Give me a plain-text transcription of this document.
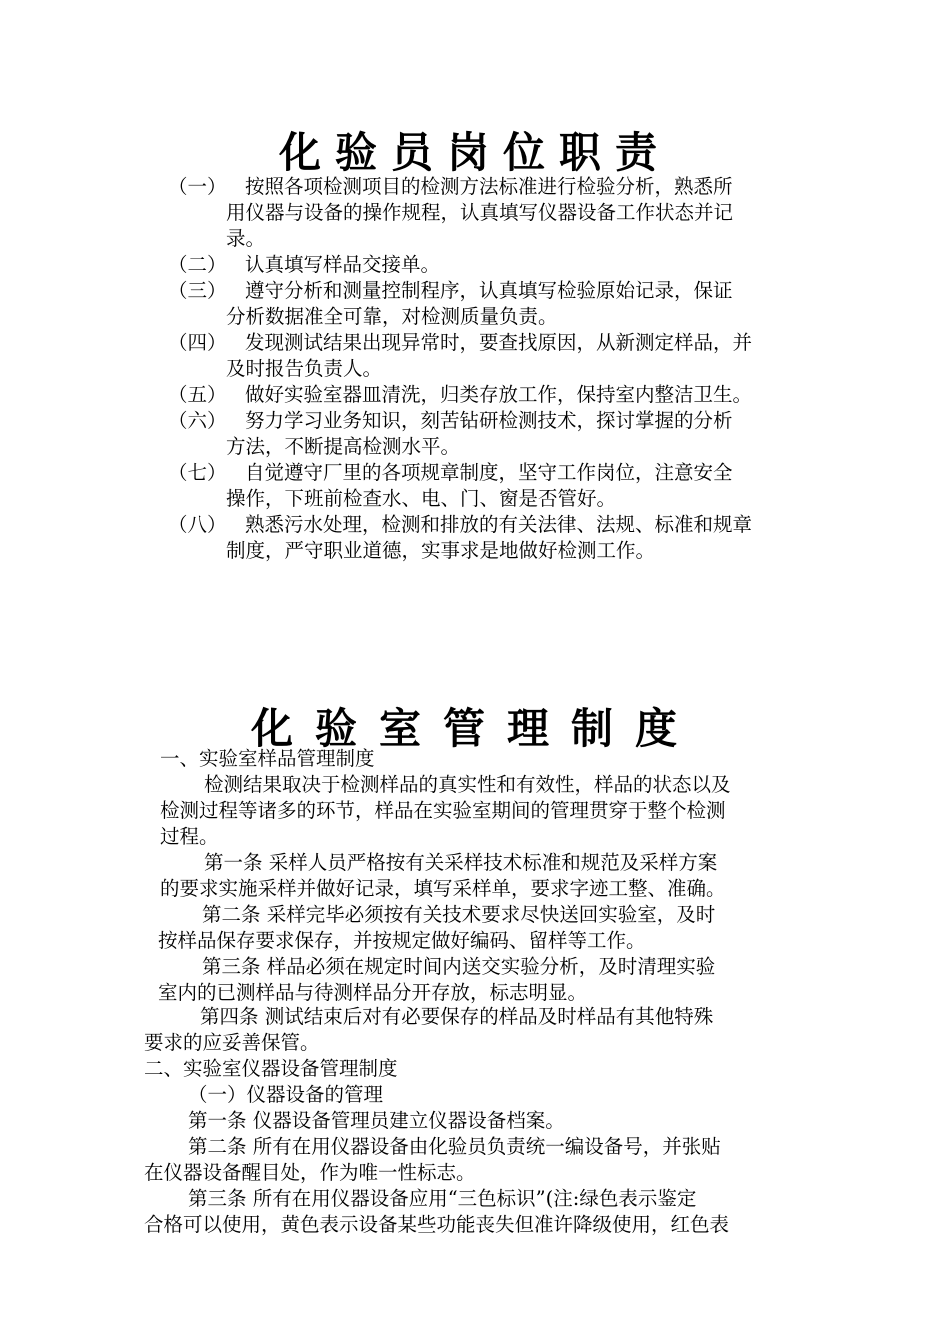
化验员岗位职责
（一） 按照各项检测项目的检测方法标准进行检验分析，熟悉所
用仪器与设备的操作规程，认真填写仪器设备工作状态并记
录。
（二） 认真填写样品交接单。
（三） 遵守分析和测量控制程序，认真填写检验原始记录，保证
分析数据准全可靠，对检测质量负责。
（四） 发现测试结果出现异常时，要查找原因，从新测定样品，并
及时报告负责人。
（五） 做好实验室器皿清洗，归类存放工作，保持室内整洁卫生。
（六） 努力学习业务知识，刻苦钻研检测技术，探讨掌握的分析
方法，不断提高检测水平。
（七） 自觉遵守厂里的各项规章制度，坚守工作岗位，注意安全
操作，下班前检查水、电、门、窗是否管好。
（八） 熟悉污水处理，检测和排放的有关法律、法规、标准和规章
制度，严守职业道德，实事求是地做好检测工作。
化验室管理制度

一、实验室样品管理制度

检测结果取决于检测样品的真实性和有效性，样品的状态以及

检测过程等诸多的环节，样品在实验室期间的管理贯穿于整个检测

过程。

第一条 采样人员严格按有关采样技术标准和规范及采样方案

的要求实施采样并做好记录，填写采样单，要求字迹工整、准确。

第二条 采样完毕必须按有关技术要求尽快送回实验室，及时

按样品保存要求保存，并按规定做好编码、留样等工作。

第三条 样品必须在规定时间内送交实验分析，及时清理实验

室内的已测样品与待测样品分开存放，标志明显。

第四条 测试结束后对有必要保存的样品及时样品有其他特殊

要求的应妥善保管。

二、实验室仪器设备管理制度

（一）仪器设备的管理

第一条 仪器设备管理员建立仪器设备档案。

第二条 所有在用仪器设备由化验员负责统一编设备号，并张贴

在仪器设备醒目处，作为唯一性标志。

第三条 所有在用仪器设备应用“三色标识”(注:绿色表示鉴定

合格可以使用，黄色表示设备某些功能丧失但准许降级使用，红色表
